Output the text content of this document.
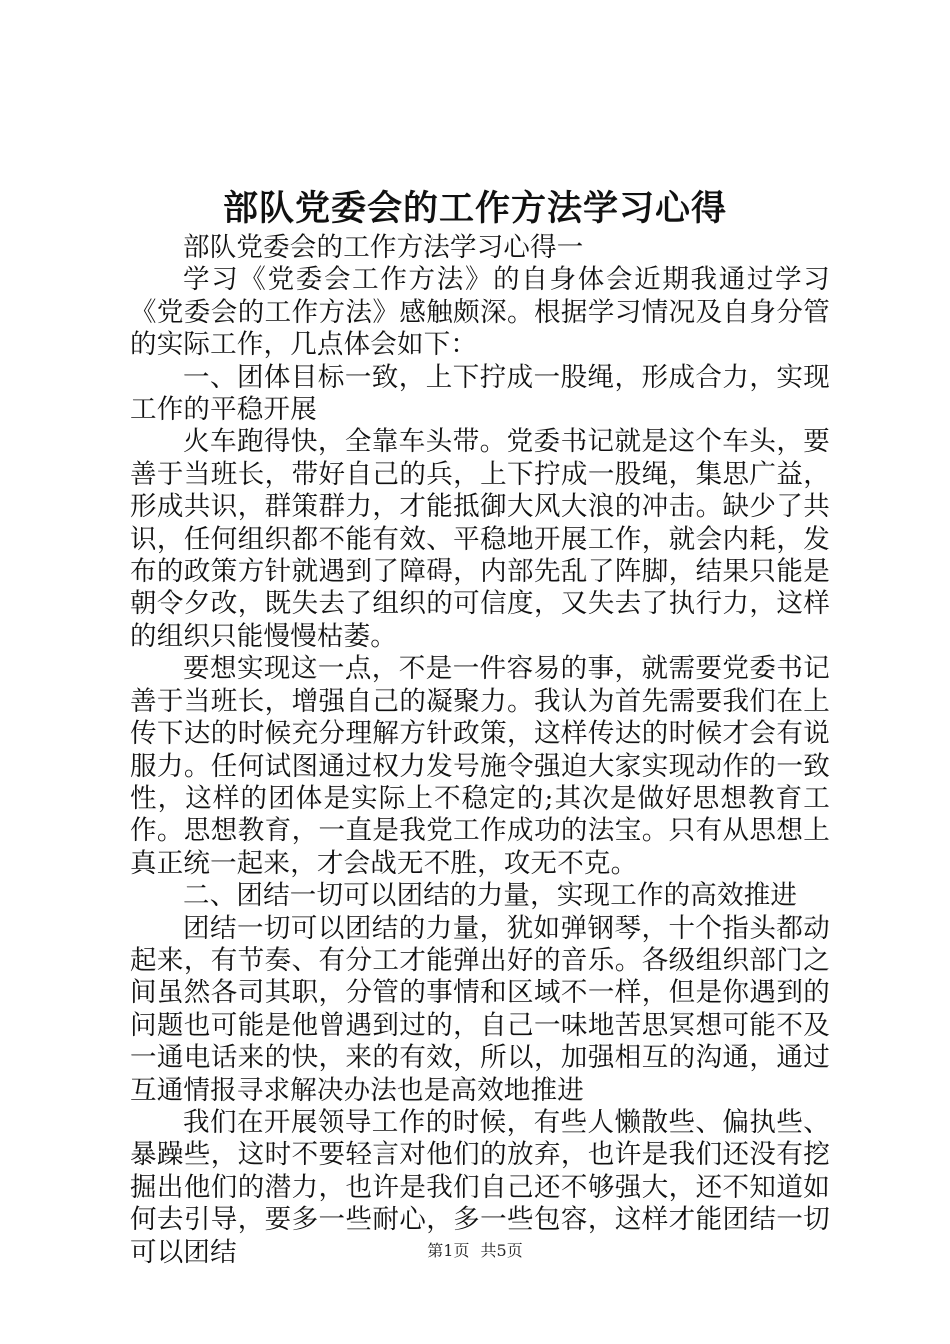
部队党委会的工作方法学习心得

部队党委会的工作方法学习心得一

学习《党委会工作方法》的自身体会近期我通过学习《党委会的工作方法》感触颇深。根据学习情况及自身分管的实际工作，几点体会如下：

一、团体目标一致，上下拧成一股绳，形成合力，实现工作的平稳开展

火车跑得快，全靠车头带。党委书记就是这个车头，要善于当班长，带好自己的兵，上下拧成一股绳，集思广益，形成共识，群策群力，才能抵御大风大浪的冲击。缺少了共识，任何组织都不能有效、平稳地开展工作，就会内耗，发布的政策方针就遇到了障碍，内部先乱了阵脚，结果只能是朝令夕改，既失去了组织的可信度，又失去了执行力，这样的组织只能慢慢枯萎。

要想实现这一点，不是一件容易的事，就需要党委书记善于当班长，增强自己的凝聚力。我认为首先需要我们在上传下达的时候充分理解方针政策，这样传达的时候才会有说服力。任何试图通过权力发号施令强迫大家实现动作的一致性，这样的团体是实际上不稳定的;其次是做好思想教育工作。思想教育，一直是我党工作成功的法宝。只有从思想上真正统一起来，才会战无不胜，攻无不克。

二、团结一切可以团结的力量，实现工作的高效推进

团结一切可以团结的力量，犹如弹钢琴，十个指头都动起来，有节奏、有分工才能弹出好的音乐。各级组织部门之间虽然各司其职，分管的事情和区域不一样，但是你遇到的问题也可能是他曾遇到过的，自己一味地苦思冥想可能不及一通电话来的快，来的有效，所以，加强相互的沟通，通过互通情报寻求解决办法也是高效地推进

我们在开展领导工作的时候，有些人懒散些、偏执些、暴躁些，这时不要轻言对他们的放弃，也许是我们还没有挖掘出他们的潜力，也许是我们自己还不够强大，还不知道如何去引导，要多一些耐心，多一些包容，这样才能团结一切可以团结	第1页 共5页
